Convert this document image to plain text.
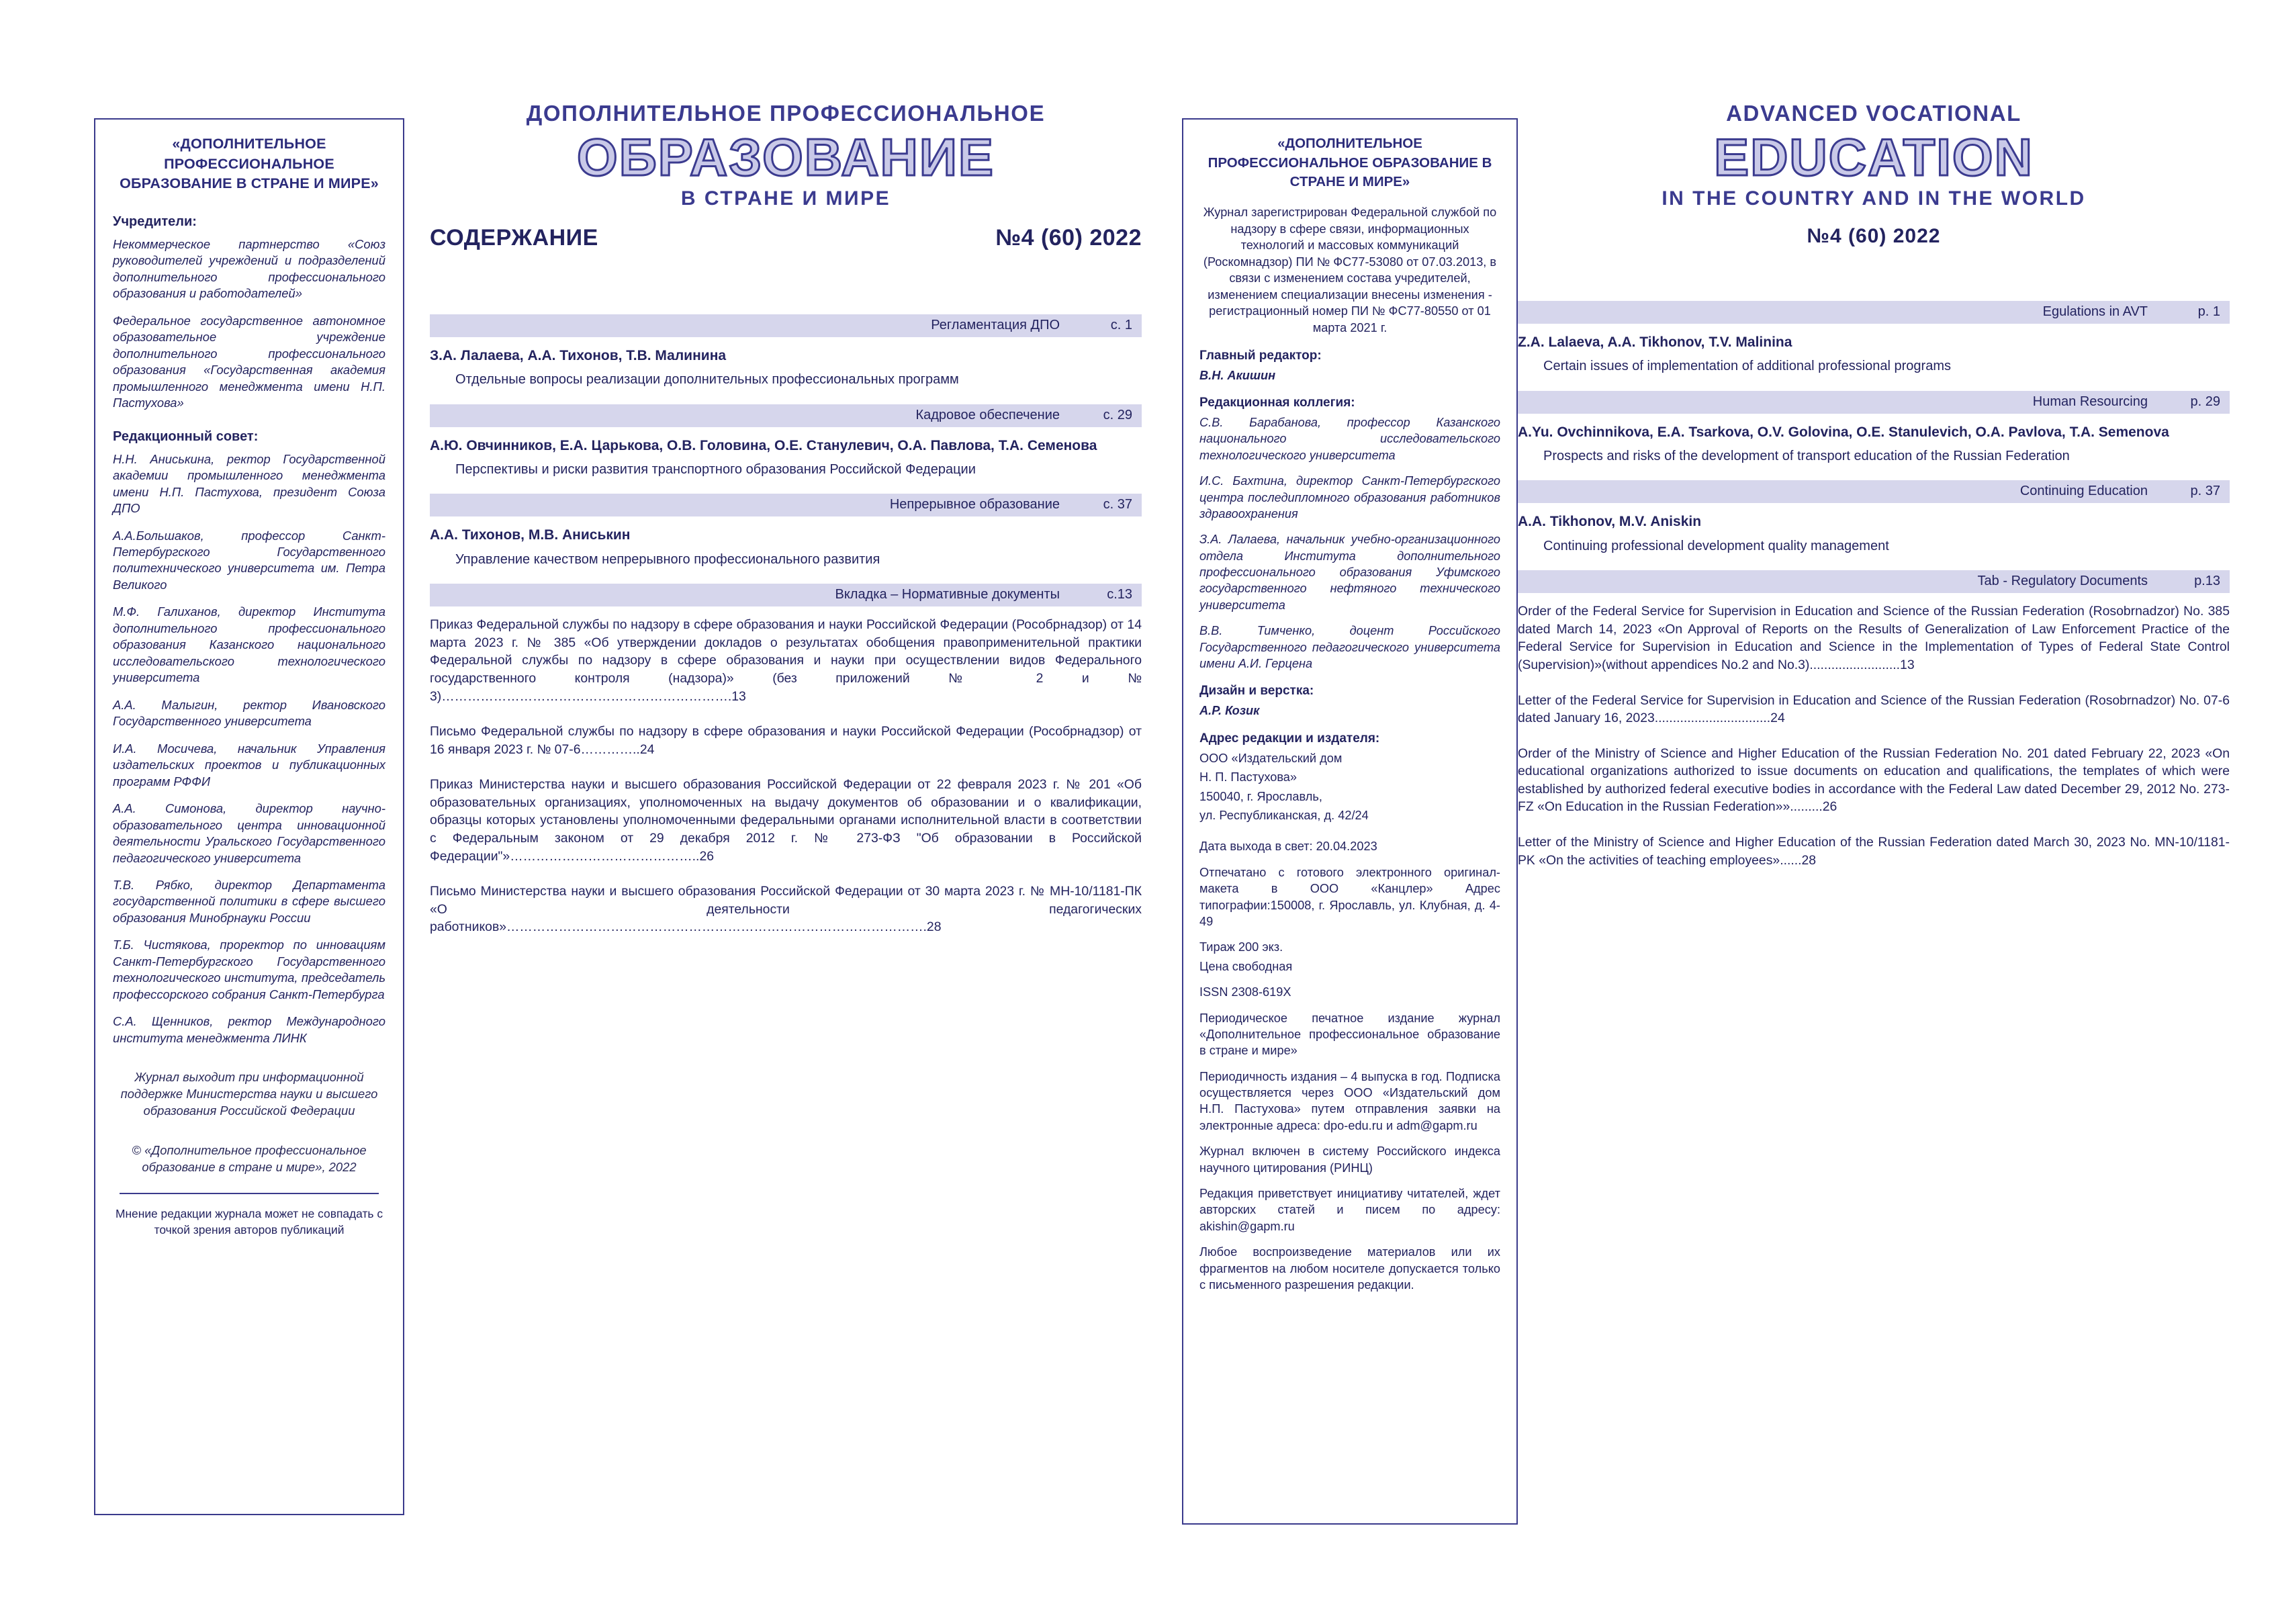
«ДОПОЛНИТЕЛЬНОЕ ПРОФЕССИОНАЛЬНОЕ ОБРАЗОВАНИЕ В СТРАНЕ И МИРЕ»
Учредители:

Некоммерческое партнерство «Союз руководителей учреждений и подразделений дополнительного профессионального образования и работодателей»

Федеральное государственное автономное образовательное учреждение дополнительного профессионального образования «Государственная академия промышленного менеджмента имени Н.П. Пастухова»

Редакционный совет:

Н.Н. Аниськина, ректор Государственной академии промышленного менеджмента имени Н.П. Пастухова, президент Союза ДПО

А.А.Большаков, профессор Санкт-Петербургского Государственного политехнического университета им. Петра Великого

М.Ф. Галиханов, директор Института дополнительного профессионального образования Казанского национального исследовательского технологического университета

А.А. Малыгин, ректор Ивановского Государственного университета

И.А. Мосичева, начальник Управления издательских проектов и публикационных программ РФФИ

А.А. Симонова, директор научно-образовательного центра инновационной деятельности Уральского Государственного педагогического университета

Т.В. Рябко, директор Департамента государственной политики в сфере высшего образования Минобрнауки России

Т.Б. Чистякова, проректор по инновациям Санкт-Петербургского Государственного технологического института, председатель профессорского собрания Санкт-Петербурга

С.А. Щенников, ректор Международного института менеджмента ЛИНК

Журнал выходит при информационной поддержке Министерства науки и высшего образования Российской Федерации
© «Дополнительное профессиональное образование в стране и мире», 2022
Мнение редакции журнала может не совпадать с точкой зрения авторов публикаций
ДОПОЛНИТЕЛЬНОЕ ПРОФЕССИОНАЛЬНОЕ
ОБРАЗОВАНИЕ
В СТРАНЕ И МИРЕ
СОДЕРЖАНИЕ	№4 (60) 2022
Регламентация ДПО	с. 1
З.А. Лалаева, А.А. Тихонов, Т.В. Малинина
Отдельные вопросы реализации дополнительных профессиональных программ
Кадровое обеспечение	с. 29
А.Ю. Овчинников, Е.А. Царькова, О.В. Головина, О.Е. Станулевич, О.А. Павлова, Т.А. Семенова
Перспективы и риски развития транспортного образования Российской Федерации
Непрерывное образование	с. 37
А.А. Тихонов, М.В. Аниськин
Управление качеством непрерывного профессионального развития
Вкладка – Нормативные документы	с.13
Приказ Федеральной службы по надзору в сфере образования и науки Российской Федерации (Рособрнадзор) от 14 марта 2023 г. № 385 «Об утверждении докладов о результатах обобщения правоприменительной практики Федеральной службы по надзору в сфере образования и науки при осуществлении видов Федерального государственного контроля (надзора)» (без приложений № 2 и № 3)………………………………………………………….13
Письмо Федеральной службы по надзору в сфере образования и науки Российской Федерации (Рособрнадзор) от 16 января 2023 г. № 07-6…………..24
Приказ Министерства науки и высшего образования Российской Федерации от 22 февраля 2023 г. № 201 «Об образовательных организациях, уполномоченных на выдачу документов об образовании и о квалификации, образцы которых установлены уполномоченными федеральными органами исполнительной власти в соответствии с Федеральным законом от 29 декабря 2012 г. № 273-ФЗ "Об образовании в Российской Федерации"»……………………………………..26
Письмо Министерства науки и высшего образования Российской Федерации от 30 марта 2023 г. № МН-10/1181-ПК «О деятельности педагогических работников»…………………………………………………………………………………….28
«ДОПОЛНИТЕЛЬНОЕ ПРОФЕССИОНАЛЬНОЕ ОБРАЗОВАНИЕ В СТРАНЕ И МИРЕ»
Журнал зарегистрирован Федеральной службой по надзору в сфере связи, информационных технологий и массовых коммуникаций (Роскомнадзор) ПИ № ФС77-53080 от 07.03.2013, в связи с изменением состава учредителей, изменением специализации внесены изменения - регистрационный номер ПИ № ФС77-80550 от 01 марта 2021 г.
Главный редактор:
В.Н. Акишин
Редакционная коллегия:
С.В. Барабанова, профессор Казанского национального исследовательского технологического университета
И.С. Бахтина, директор Санкт-Петербургского центра последипломного образования работников здравоохранения
З.А. Лалаева, начальник учебно-организационного отдела Института дополнительного профессионального образования Уфимского государственного нефтяного технического университета
В.В. Тимченко, доцент Российского Государственного педагогического университета имени А.И. Герцена
Дизайн и верстка:
А.Р. Козик
Адрес редакции и издателя:
ООО «Издательский дом
Н. П. Пастухова»
150040, г. Ярославль,
ул. Республиканская, д. 42/24
Дата выхода в свет: 20.04.2023
Отпечатано с готового электронного оригинал-макета в ООО «Канцлер» Адрес типографии:150008, г. Ярославль, ул. Клубная, д. 4-49
Тираж 200 экз.
Цена свободная
ISSN 2308-619Х
Периодическое печатное издание журнал «Дополнительное профессиональное образование в стране и мире»
Периодичность издания – 4 выпуска в год. Подписка осуществляется через ООО «Издательский дом Н.П. Пастухова» путем отправления заявки на электронные адреса: dpo-edu.ru и adm@gapm.ru
Журнал включен в систему Российского индекса научного цитирования (РИНЦ)
Редакция приветствует инициативу читателей, ждет авторских статей и писем по адресу: akishin@gapm.ru
Любое воспроизведение материалов или их фрагментов на любом носителе допускается только с письменного разрешения редакции.
ADVANCED VOCATIONAL
EDUCATION
IN THE COUNTRY AND IN THE WORLD
№4 (60) 2022
Egulations in AVT	p. 1
Z.A. Lalaeva, A.A. Tikhonov, T.V. Malinina
Certain issues of implementation of additional professional programs
Human Resourcing	p. 29
A.Yu. Ovchinnikova, E.A. Tsarkova, O.V. Golovina, O.E. Stanulevich, O.A. Pavlova, T.A. Semenova
Prospects and risks of the development of transport education of the Russian Federation
Continuing Education	p. 37
A.A. Tikhonov, M.V. Aniskin
Continuing professional development quality management
Tab - Regulatory Documents	p.13
Order of the Federal Service for Supervision in Education and Science of the Russian Federation (Rosobrnadzor) No. 385 dated March 14, 2023 «On Approval of Reports on the Results of Generalization of Law Enforcement Practice of the Federal Service for Supervision in Education and Science in the Implementation of Types of Federal State Control (Supervision)»(without appendices No.2 and No.3).........................13
Letter of the Federal Service for Supervision in Education and Science of the Russian Federation (Rosobrnadzor) No. 07-6 dated January 16, 2023................................24
Order of the Ministry of Science and Higher Education of the Russian Federation No. 201 dated February 22, 2023 «On educational organizations authorized to issue documents on education and qualifications, the templates of which were established by authorized federal executive bodies in accordance with the Federal Law dated December 29, 2012 No. 273-FZ «On Education in the Russian Federation»».........26
Letter of the Ministry of Science and Higher Education of the Russian Federation dated March 30, 2023 No. MN-10/1181-PK «On the activities of teaching employees»......28
